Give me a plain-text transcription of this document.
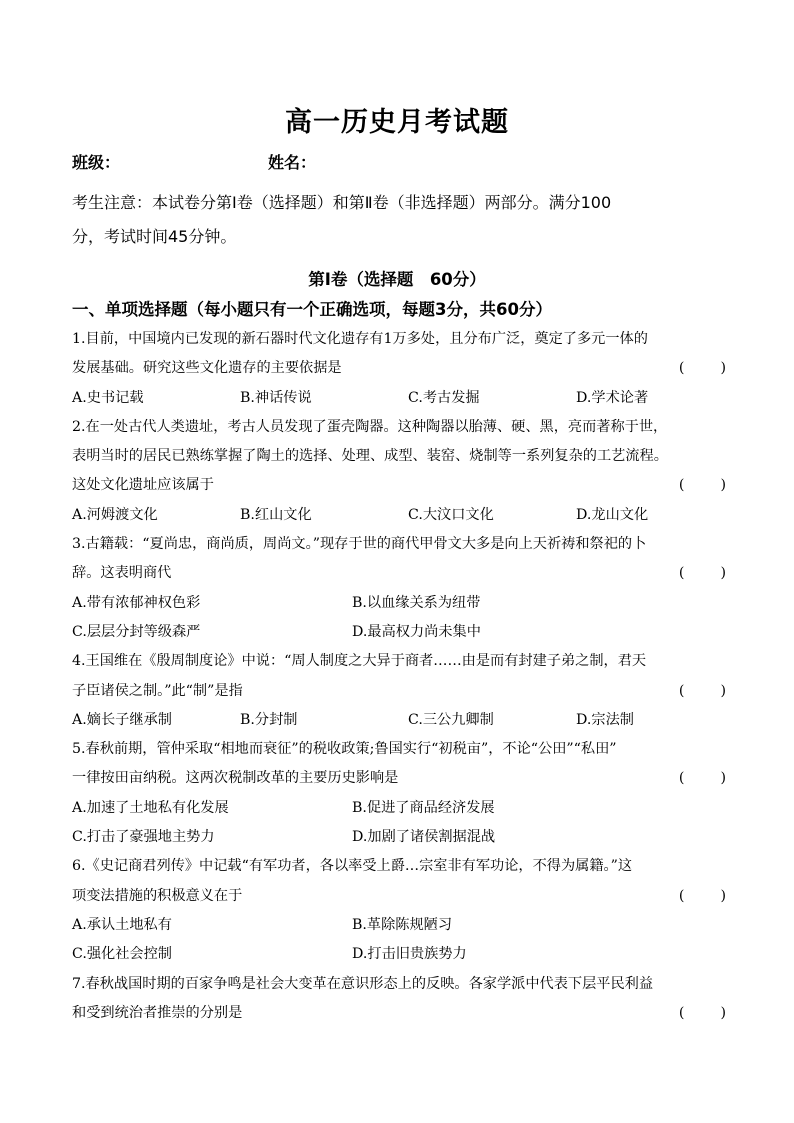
高一历史月考试题
班级：	姓名：
考生注意：本试卷分第Ⅰ卷（选择题）和第Ⅱ卷（非选择题）两部分。满分100
分，考试时间45分钟。
第Ⅰ卷（选择题　60分）
一、单项选择题（每小题只有一个正确选项，每题3分，共60分）
1.目前，中国境内已发现的新石器时代文化遗存有1万多处，且分布广泛，奠定了多元一体的
发展基础。研究这些文化遗存的主要依据是	(        )
A.史书记载	B.神话传说	C.考古发掘	D.学术论著
2.在一处古代人类遗址，考古人员发现了蛋壳陶器。这种陶器以胎薄、硬、黑，亮而著称于世，
表明当时的居民已熟练掌握了陶土的选择、处理、成型、装窑、烧制等一系列复杂的工艺流程。
这处文化遗址应该属于	(        )
A.河姆渡文化	B.红山文化	C.大汶口文化	D.龙山文化
3.古籍载：“夏尚忠，商尚质，周尚文。”现存于世的商代甲骨文大多是向上天祈祷和祭祀的卜
辞。这表明商代	(        )
A.带有浓郁神权色彩	B.以血缘关系为纽带
C.层层分封等级森严	D.最高权力尚未集中
4.王国维在《殷周制度论》中说：“周人制度之大异于商者……由是而有封建子弟之制，君天
子臣诸侯之制。”此“制”是指	(        )
A.嫡长子继承制	B.分封制	C.三公九卿制	D.宗法制
5.春秋前期，管仲采取“相地而衰征”的税收政策;鲁国实行“初税亩”，不论“公田”“私田”
一律按田亩纳税。这两次税制改革的主要历史影响是	(        )
A.加速了土地私有化发展	B.促进了商品经济发展
C.打击了豪强地主势力	D.加剧了诸侯割据混战
6.《史记商君列传》中记载“有军功者，各以率受上爵…宗室非有军功论，不得为属籍。”这
项变法措施的积极意义在于	(        )
A.承认土地私有	B.革除陈规陋习
C.强化社会控制	D.打击旧贵族势力
7.春秋战国时期的百家争鸣是社会大变革在意识形态上的反映。各家学派中代表下层平民利益
和受到统治者推崇的分别是	(        )
